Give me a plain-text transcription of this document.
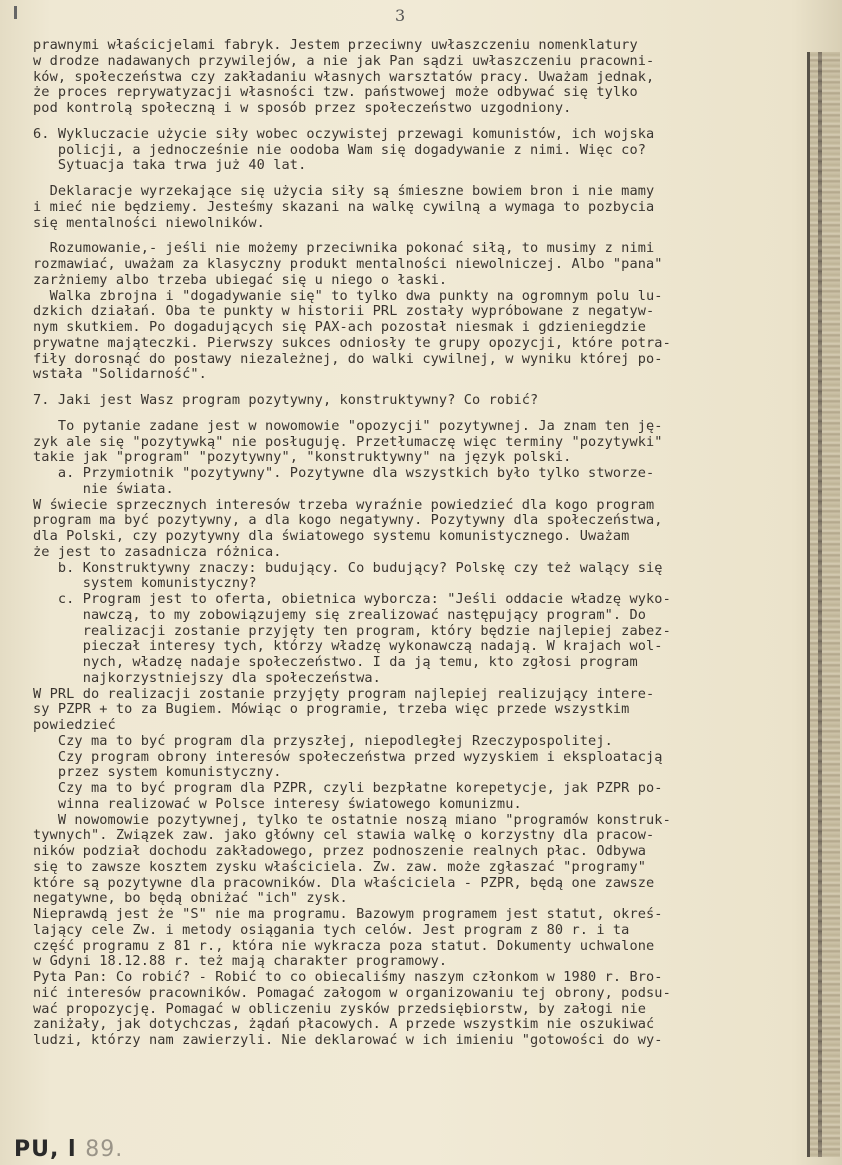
3

prawnymi właścicjelami fabryk. Jestem przeciwny uwłaszczeniu nomenklatury

w drodze nadawanych przywilejów, a nie jak Pan sądzi uwłaszczeniu pracowni-

ków, społeczeństwa czy zakładaniu własnych warsztatów pracy. Uważam jednak,

że proces reprywatyzacji własności tzw. państwowej może odbywać się tylko

pod kontrolą społeczną i w sposób przez społeczeństwo uzgodniony.

6. Wykluczacie użycie siły wobec oczywistej przewagi komunistów, ich wojska

policji, a jednocześnie nie oodoba Wam się dogadywanie z nimi. Więc co?

Sytuacja taka trwa już 40 lat.

Deklaracje wyrzekające się użycia siły są śmieszne bowiem bron i nie mamy

i mieć nie będziemy. Jesteśmy skazani na walkę cywilną a wymaga to pozbycia

się mentalności niewolników.

Rozumowanie,- jeśli nie możemy przeciwnika pokonać siłą, to musimy z nimi

rozmawiać, uważam za klasyczny produkt mentalności niewolniczej. Albo "pana"

zarżniemy albo trzeba ubiegać się u niego o łaski.

Walka zbrojna i "dogadywanie się" to tylko dwa punkty na ogromnym polu lu-

dzkich działań. Oba te punkty w historii PRL zostały wypróbowane z negatyw-

nym skutkiem. Po dogadujących się PAX-ach pozostał niesmak i gdzieniegdzie

prywatne mająteczki. Pierwszy sukces odniosły te grupy opozycji, które potra-

fiły dorosnąć do postawy niezależnej, do walki cywilnej, w wyniku której po-

wstała "Solidarność".

7. Jaki jest Wasz program pozytywny, konstruktywny? Co robić?

To pytanie zadane jest w nowomowie "opozycji" pozytywnej. Ja znam ten ję-

zyk ale się "pozytywką" nie posługuję. Przetłumaczę więc terminy "pozytywki"

takie jak "program" "pozytywny", "konstruktywny" na język polski.

a. Przymiotnik "pozytywny". Pozytywne dla wszystkich było tylko stworze-

nie świata.

W świecie sprzecznych interesów trzeba wyraźnie powiedzieć dla kogo program

program ma być pozytywny, a dla kogo negatywny. Pozytywny dla społeczeństwa,

dla Polski, czy pozytywny dla światowego systemu komunistycznego. Uważam

że jest to zasadnicza różnica.

b. Konstruktywny znaczy: budujący. Co budujący? Polskę czy też walący się

system komunistyczny?

c. Program jest to oferta, obietnica wyborcza: "Jeśli oddacie władzę wyko-

nawczą, to my zobowiązujemy się zrealizować następujący program". Do

realizacji zostanie przyjęty ten program, który będzie najlepiej zabez-

pieczał interesy tych, którzy władzę wykonawczą nadają. W krajach wol-

nych, władzę nadaje społeczeństwo. I da ją temu, kto zgłosi program

najkorzystniejszy dla społeczeństwa.

W PRL do realizacji zostanie przyjęty program najlepiej realizujący intere-

sy PZPR + to za Bugiem. Mówiąc o programie, trzeba więc przede wszystkim

powiedzieć

Czy ma to być program dla przyszłej, niepodległej Rzeczypospolitej.

Czy program obrony interesów społeczeństwa przed wyzyskiem i eksploatacją

przez system komunistyczny.

Czy ma to być program dla PZPR, czyli bezpłatne korepetycje, jak PZPR po-

winna realizować w Polsce interesy światowego komunizmu.

W nowomowie pozytywnej, tylko te ostatnie noszą miano "programów konstruk-

tywnych". Związek zaw. jako główny cel stawia walkę o korzystny dla pracow-

ników podział dochodu zakładowego, przez podnoszenie realnych płac. Odbywa

się to zawsze kosztem zysku właściciela. Zw. zaw. może zgłaszać "programy"

które są pozytywne dla pracowników. Dla właściciela - PZPR, będą one zawsze

negatywne, bo będą obniżać "ich" zysk.

Nieprawdą jest że "S" nie ma programu. Bazowym programem jest statut, okreś-

lający cele Zw. i metody osiągania tych celów. Jest program z 80 r. i ta

część programu z 81 r., która nie wykracza poza statut. Dokumenty uchwalone

w Gdyni 18.12.88 r. też mają charakter programowy.

Pyta Pan: Co robić? - Robić to co obiecaliśmy naszym członkom w 1980 r. Bro-

nić interesów pracowników. Pomagać załogom w organizowaniu tej obrony, podsu-

wać propozycję. Pomagać w obliczeniu zysków przedsiębiorstw, by załogi nie

zaniżały, jak dotychczas, żądań płacowych. A przede wszystkim nie oszukiwać

ludzi, którzy nam zawierzyli. Nie deklarować w ich imieniu "gotowości do wy-

PU, l 89.
